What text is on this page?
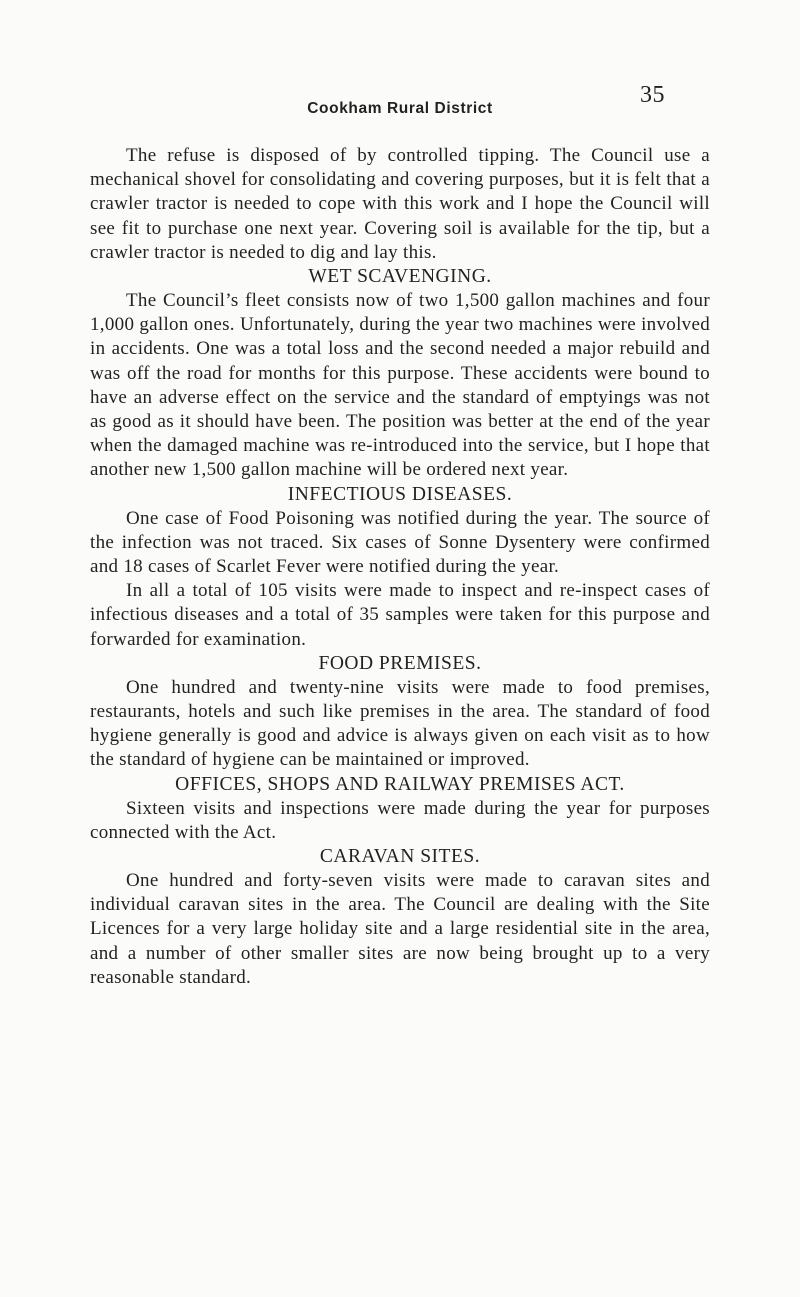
35
Cookham Rural District

The refuse is disposed of by controlled tipping. The Council use a mechanical shovel for consolidating and covering purposes, but it is felt that a crawler tractor is needed to cope with this work and I hope the Council will see fit to purchase one next year. Covering soil is available for the tip, but a crawler tractor is needed to dig and lay this.

WET SCAVENGING.

The Council’s fleet consists now of two 1,500 gallon machines and four 1,000 gallon ones. Unfortunately, during the year two machines were involved in accidents. One was a total loss and the second needed a major rebuild and was off the road for months for this purpose. These accidents were bound to have an adverse effect on the service and the standard of emptyings was not as good as it should have been. The position was better at the end of the year when the damaged machine was re-introduced into the service, but I hope that another new 1,500 gallon machine will be ordered next year.

INFECTIOUS DISEASES.

One case of Food Poisoning was notified during the year. The source of the infection was not traced. Six cases of Sonne Dysentery were confirmed and 18 cases of Scarlet Fever were notified during the year.

In all a total of 105 visits were made to inspect and re-inspect cases of infectious diseases and a total of 35 samples were taken for this purpose and forwarded for examination.

FOOD PREMISES.

One hundred and twenty-nine visits were made to food premises, restaurants, hotels and such like premises in the area. The standard of food hygiene generally is good and advice is always given on each visit as to how the standard of hygiene can be maintained or improved.

OFFICES, SHOPS AND RAILWAY PREMISES ACT.

Sixteen visits and inspections were made during the year for purposes connected with the Act.

CARAVAN SITES.

One hundred and forty-seven visits were made to caravan sites and individual caravan sites in the area. The Council are dealing with the Site Licences for a very large holiday site and a large residential site in the area, and a number of other smaller sites are now being brought up to a very reasonable standard.
